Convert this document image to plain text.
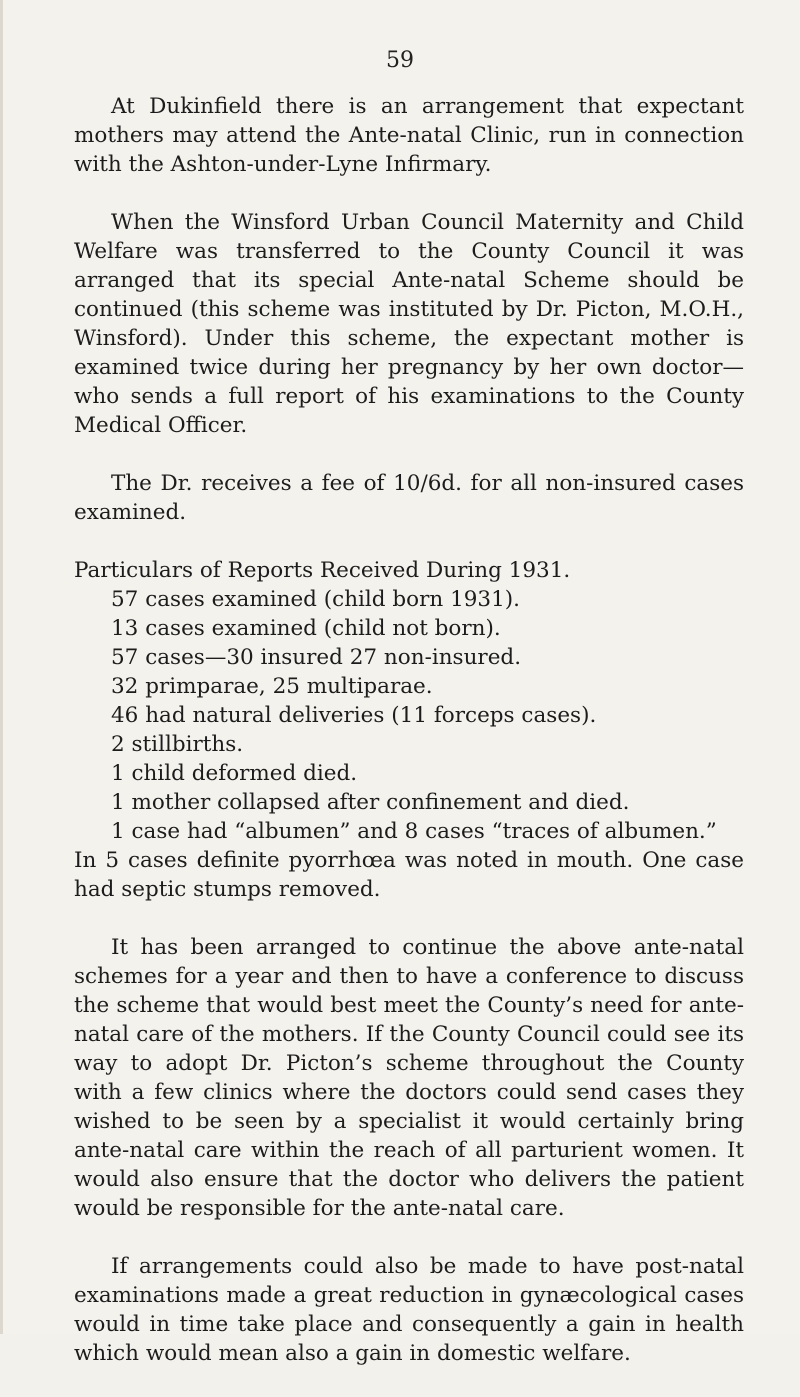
59

At Dukinfield there is an arrangement that expectant mothers may attend the Ante-natal Clinic, run in connection with the Ashton-under-Lyne Infirmary.

When the Winsford Urban Council Maternity and Child Welfare was transferred to the County Council it was arranged that its special Ante-natal Scheme should be continued (this scheme was instituted by Dr. Picton, M.O.H., Winsford). Under this scheme, the expectant mother is examined twice during her pregnancy by her own doctor—who sends a full report of his examinations to the County Medical Officer.

The Dr. receives a fee of 10/6d. for all non-insured cases examined.

Particulars of Reports Received During 1931.

57 cases examined (child born 1931).
13 cases examined (child not born).
57 cases—30 insured 27 non-insured.
32 primparae, 25 multiparae.
46 had natural deliveries (11 forceps cases).
2 stillbirths.
1 child deformed died.
1 mother collapsed after confinement and died.
1 case had “albumen” and 8 cases “traces of albumen.”

In 5 cases definite pyorrhœa was noted in mouth. One case had septic stumps removed.

It has been arranged to continue the above ante-natal schemes for a year and then to have a conference to discuss the scheme that would best meet the County’s need for ante-natal care of the mothers. If the County Council could see its way to adopt Dr. Picton’s scheme throughout the County with a few clinics where the doctors could send cases they wished to be seen by a specialist it would certainly bring ante-natal care within the reach of all parturient women. It would also ensure that the doctor who delivers the patient would be responsible for the ante-natal care.

If arrangements could also be made to have post-natal examinations made a great reduction in gynæcological cases would in time take place and consequently a gain in health which would mean also a gain in domestic welfare.
